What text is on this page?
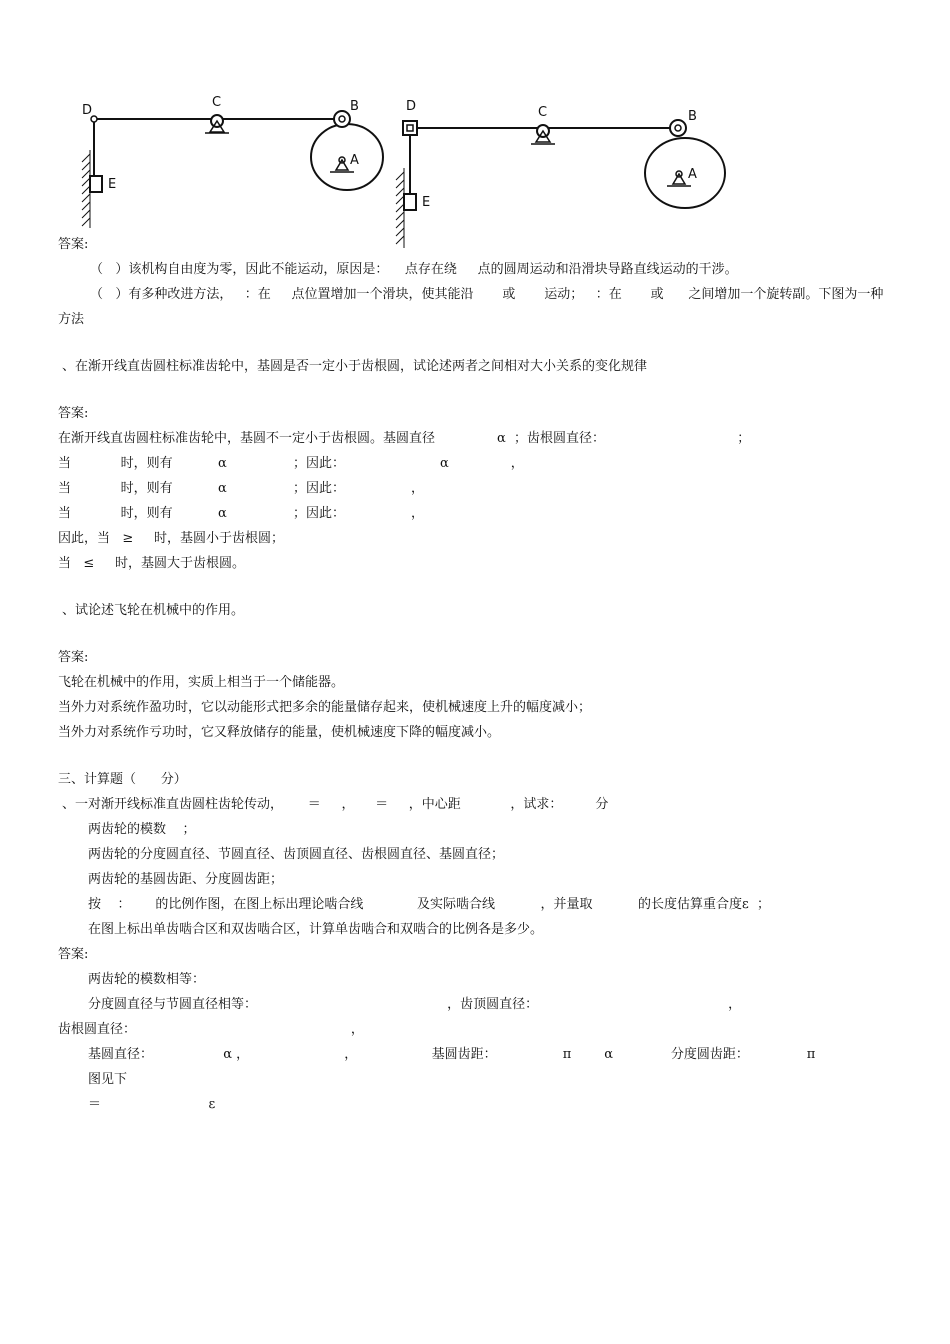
D
C	B
A
E
D	C	B
A
E
答案:
（   ）该机构自由度为零，因此不能运动，原因是：    点存在绕     点的圆周运动和沿滑块导路直线运动的干涉。
（   ）有多种改进方法，   ：在     点位置增加一个滑块，使其能沿       或       运动；   ：在       或      之间增加一个旋转副。下图为一种
方法
、在渐开线直齿圆柱标准齿轮中，基圆是否一定小于齿根圆，试论述两者之间相对大小关系的变化规律
答案:
在渐开线直齿圆柱标准齿轮中，基圆不一定小于齿根圆。基圆直径               α  ；齿根圆直径：                                ；
当            时，则有           α                ；因此：                       α               ，
当            时，则有           α                ；因此：                ，
当            时，则有           α                ；因此：                ，
因此，当   ≥     时，基圆小于齿根圆；
当   ≤     时，基圆大于齿根圆。
、试论述飞轮在机械中的作用。
答案:
飞轮在机械中的作用，实质上相当于一个储能器。
当外力对系统作盈功时，它以动能形式把多余的能量储存起来，使机械速度上升的幅度减小；
当外力对系统作亏功时，它又释放储存的能量，使机械速度下降的幅度减小。
三、计算题（      分）
、一对渐开线标准直齿圆柱齿轮传动，      ＝     ，     ＝     ，中心距            ，试求：        分
两齿轮的模数    ；
两齿轮的分度圆直径、节圆直径、齿顶圆直径、齿根圆直径、基圆直径；
两齿轮的基圆齿距、分度圆齿距；
按    ：      的比例作图，在图上标出理论啮合线             及实际啮合线           ，并量取           的长度估算重合度ε  ；
在图上标出单齿啮合区和双齿啮合区，计算单齿啮合和双啮合的比例各是多少。
答案:
两齿轮的模数相等：
分度圆直径与节圆直径相等：                                              ，齿顶圆直径：                                              ，
齿根圆直径：                                                    ，
基圆直径：                 α ，                       ，                  基圆齿距：                π        α              分度圆齿距：              π
图见下
＝                          ε
